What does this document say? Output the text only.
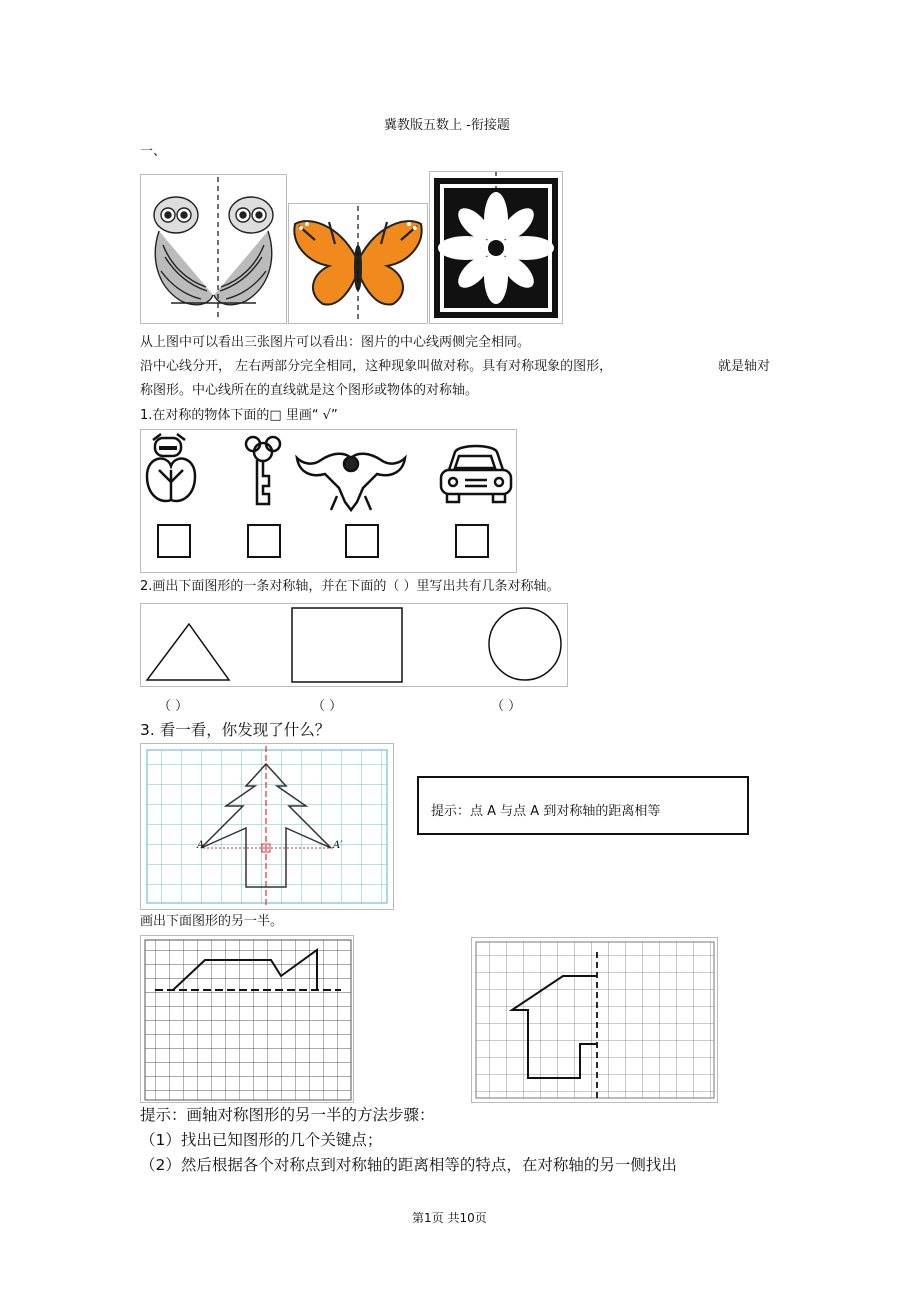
冀教版五数上 -衔接题
一、
从上图中可以看出三张图片可以看出：图片的中心线两侧完全相同。
沿中心线分开， 左右两部分完全相同，这种现象叫做对称。具有对称现象的图形，	就是轴对
称图形。中心线所在的直线就是这个图形或物体的对称轴。
1.在对称的物体下面的□ 里画“ √”
2.画出下面图形的一条对称轴，并在下面的（ ）里写出共有几条对称轴。
（ ）	（ ）	（ ）
3. 看一看，你发现了什么？
A	A′
提示：点 A 与点 A 到对称轴的距离相等
画出下面图形的另一半。
提示：画轴对称图形的另一半的方法步骤：
（1）找出已知图形的几个关键点；
（2）然后根据各个对称点到对称轴的距离相等的特点，在对称轴的另一侧找出
第1页 共10页
